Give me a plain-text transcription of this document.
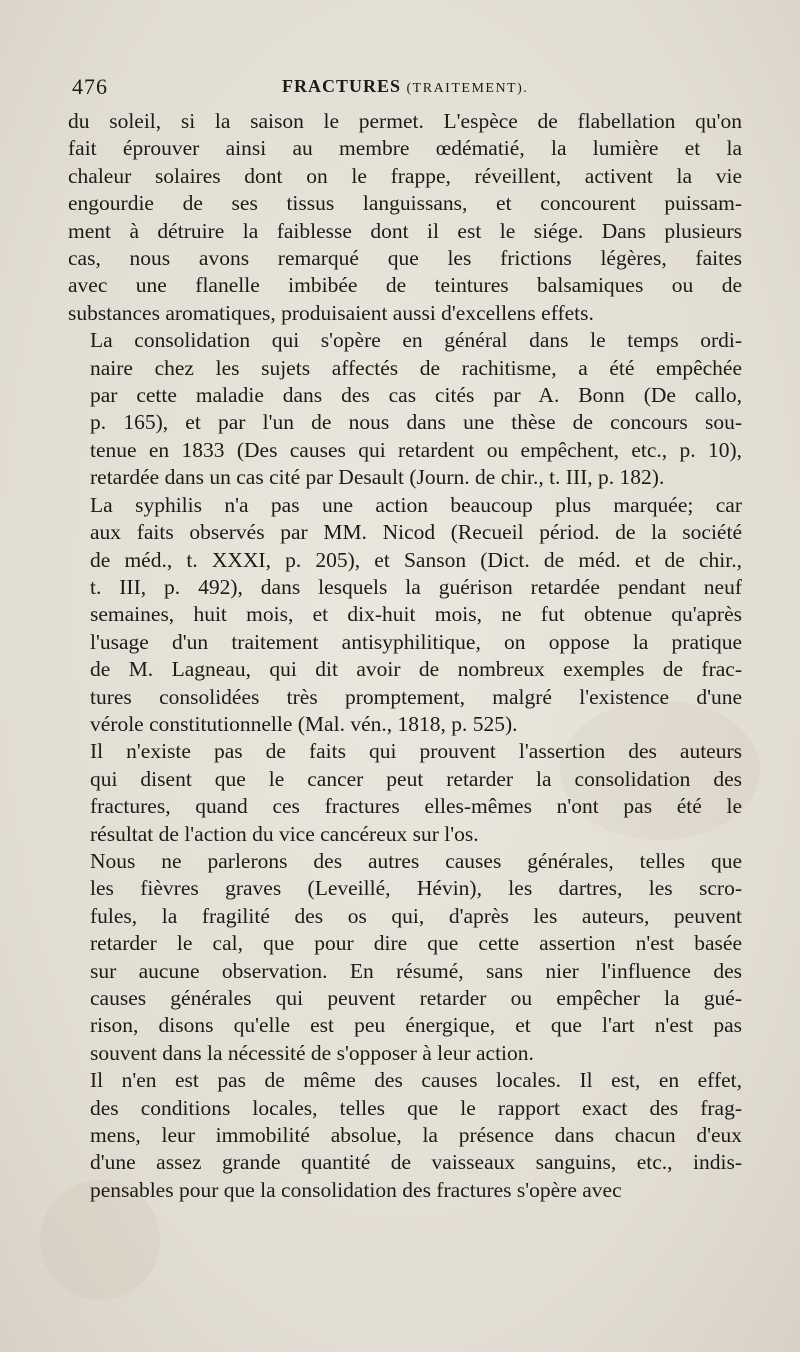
476	FRACTURES (TRAITEMENT).

du soleil, si la saison le permet. L'espèce de flabellation qu'on
fait éprouver ainsi au membre œdématié, la lumière et la
chaleur solaires dont on le frappe, réveillent, activent la vie
engourdie de ses tissus languissans, et concourent puissam-
ment à détruire la faiblesse dont il est le siége. Dans plusieurs
cas, nous avons remarqué que les frictions légères, faites
avec une flanelle imbibée de teintures balsamiques ou de
substances aromatiques, produisaient aussi d'excellens effets.

La consolidation qui s'opère en général dans le temps ordi-
naire chez les sujets affectés de rachitisme, a été empêchée
par cette maladie dans des cas cités par A. Bonn (De callo,
p. 165), et par l'un de nous dans une thèse de concours sou-
tenue en 1833 (Des causes qui retardent ou empêchent, etc., p. 10),
retardée dans un cas cité par Desault (Journ. de chir., t. III, p. 182).

La syphilis n'a pas une action beaucoup plus marquée; car
aux faits observés par MM. Nicod (Recueil périod. de la société
de méd., t. XXXI, p. 205), et Sanson (Dict. de méd. et de chir.,
t. III, p. 492), dans lesquels la guérison retardée pendant neuf
semaines, huit mois, et dix-huit mois, ne fut obtenue qu'après
l'usage d'un traitement antisyphilitique, on oppose la pratique
de M. Lagneau, qui dit avoir de nombreux exemples de frac-
tures consolidées très promptement, malgré l'existence d'une
vérole constitutionnelle (Mal. vén., 1818, p. 525).

Il n'existe pas de faits qui prouvent l'assertion des auteurs
qui disent que le cancer peut retarder la consolidation des
fractures, quand ces fractures elles-mêmes n'ont pas été le
résultat de l'action du vice cancéreux sur l'os.

Nous ne parlerons des autres causes générales, telles que
les fièvres graves (Leveillé, Hévin), les dartres, les scro-
fules, la fragilité des os qui, d'après les auteurs, peuvent
retarder le cal, que pour dire que cette assertion n'est basée
sur aucune observation. En résumé, sans nier l'influence des
causes générales qui peuvent retarder ou empêcher la gué-
rison, disons qu'elle est peu énergique, et que l'art n'est pas
souvent dans la nécessité de s'opposer à leur action.

Il n'en est pas de même des causes locales. Il est, en effet,
des conditions locales, telles que le rapport exact des frag-
mens, leur immobilité absolue, la présence dans chacun d'eux
d'une assez grande quantité de vaisseaux sanguins, etc., indis-
pensables pour que la consolidation des fractures s'opère avec
